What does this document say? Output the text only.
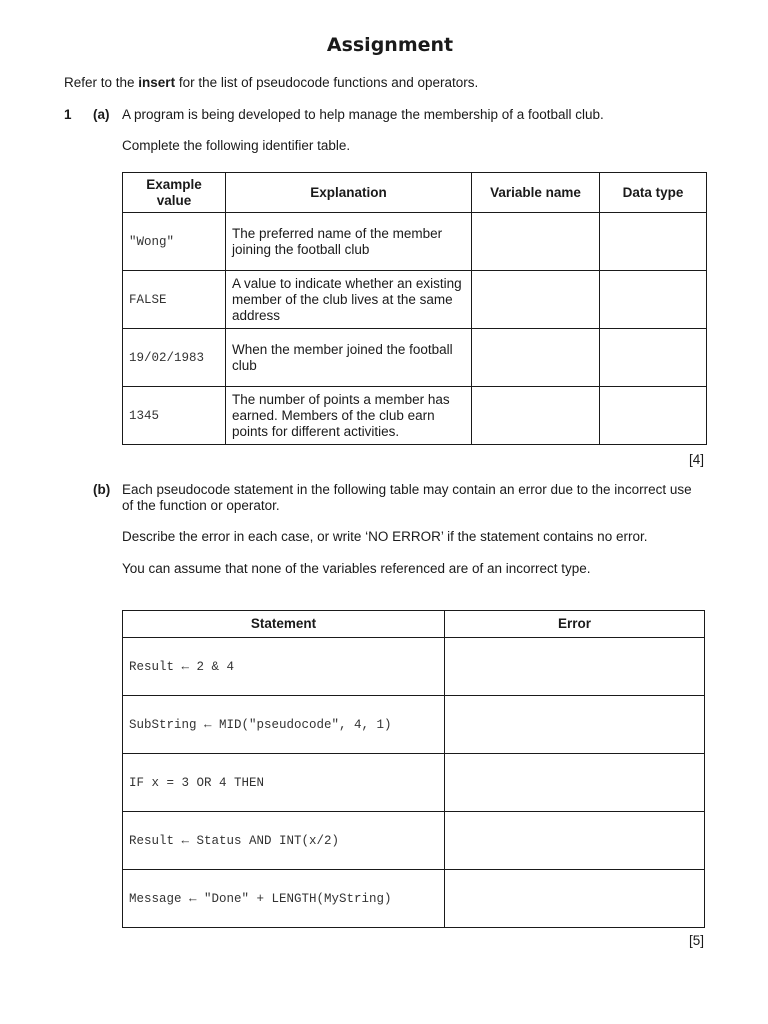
Assignment
Refer to the insert for the list of pseudocode functions and operators.
1 (a) A program is being developed to help manage the membership of a football club.
Complete the following identifier table.
Example value	Explanation	Variable name	Data type
"Wong"	The preferred name of the member joining the football club		
FALSE	A value to indicate whether an existing member of the club lives at the same address		
19/02/1983	When the member joined the football club		
1345	The number of points a member has earned. Members of the club earn points for different activities.		
[4]
(b) Each pseudocode statement in the following table may contain an error due to the incorrect use of the function or operator.
Describe the error in each case, or write ‘NO ERROR’ if the statement contains no error.
You can assume that none of the variables referenced are of an incorrect type.
Statement	Error
Result ← 2 & 4	
SubString ← MID("pseudocode", 4, 1)	
IF x = 3 OR 4 THEN	
Result ← Status AND INT(x/2)	
Message ← "Done" + LENGTH(MyString)	
[5]
